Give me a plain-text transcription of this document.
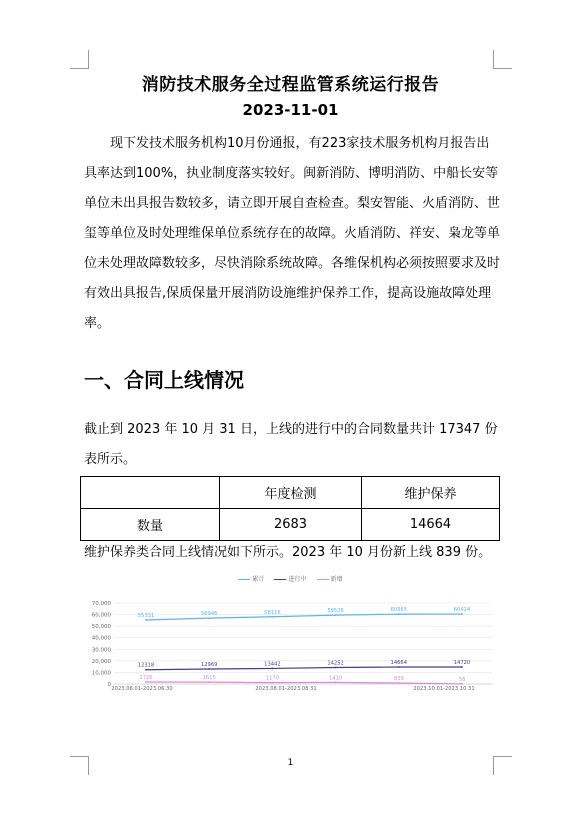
消防技术服务全过程监管系统运行报告
2023-11-01
现下发技术服务机构10月份通报，有223家技术服务机构月报告出具率达到100%，执业制度落实较好。闽新消防、博明消防、中船长安等单位未出具报告数较多，请立即开展自查检查。梨安智能、火盾消防、世玺等单位及时处理维保单位系统存在的故障。火盾消防、祥安、枭龙等单位未处理故障数较多，尽快消除系统故障。各维保机构必须按照要求及时有效出具报告,保质保量开展消防设施维护保养工作，提高设施故障处理率。
一、合同上线情况
截止到 2023 年 10 月 31 日，上线的进行中的合同数量共计 17347 份表所示。
	年度检测	维护保养
数量	2683	14664
维护保养类合同上线情况如下所示。2023 年 10 月份新上线 839 份。
累计	进行中	新增
70,000
60,000
50,000
40,000
30,000
20,000
10,000
0
2023.06.01-2023.06.30	2023.08.01-2023.08.31	2023.10.01-2023.10.31
55331	56946	58116	59526	60365	60424
12318	12969	13442	14252	14664	14720
1726	1615	1170	1410	839	58
1
